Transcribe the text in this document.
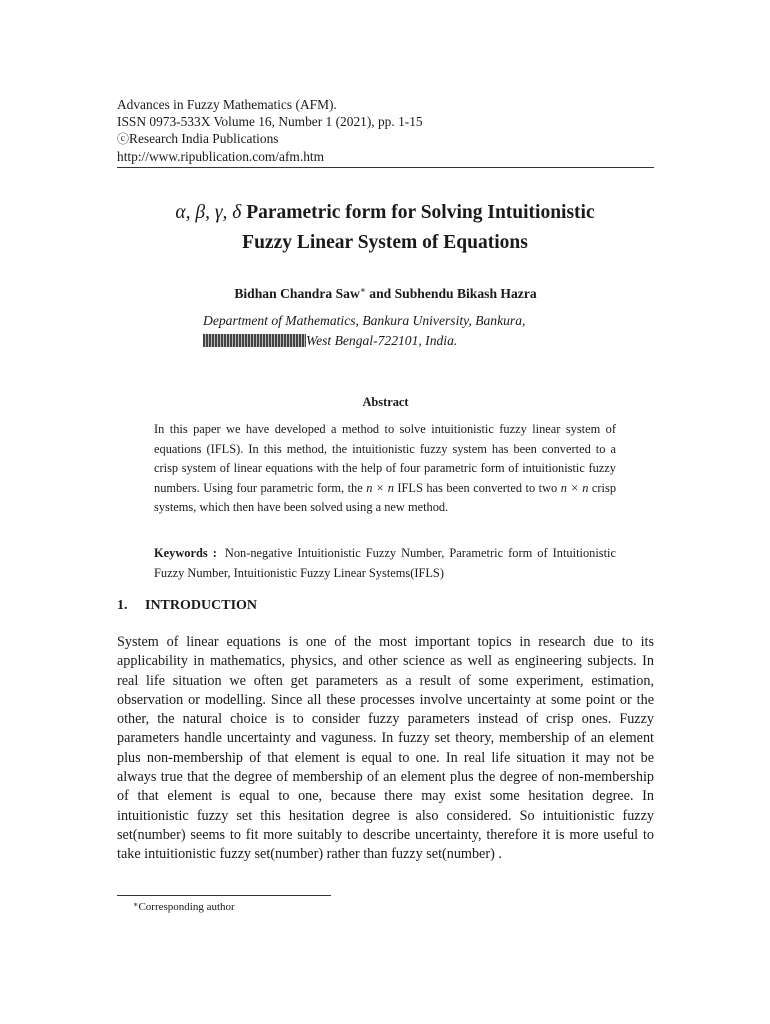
Advances in Fuzzy Mathematics (AFM).
ISSN 0973-533X Volume 16, Number 1 (2021), pp. 1-15
ⓒResearch India Publications
http://www.ripublication.com/afm.htm
α, β, γ, δ Parametric form for Solving Intuitionistic
Fuzzy Linear System of Equations
Bidhan Chandra Saw∗ and Subhendu Bikash Hazra
Department of Mathematics, Bankura University, Bankura,
West Bengal-722101, India.
Abstract
In this paper we have developed a method to solve intuitionistic fuzzy linear system of equations (IFLS). In this method, the intuitionistic fuzzy system has been converted to a crisp system of linear equations with the help of four parametric form of intuitionistic fuzzy numbers. Using four parametric form, the n × n IFLS has been converted to two n × n crisp systems, which then have been solved using a new method.
Keywords : Non-negative Intuitionistic Fuzzy Number, Parametric form of Intuitionistic Fuzzy Number, Intuitionistic Fuzzy Linear Systems(IFLS)
1. INTRODUCTION
System of linear equations is one of the most important topics in research due to its applicability in mathematics, physics, and other science as well as engineering subjects. In real life situation we often get parameters as a result of some experiment, estimation, observation or modelling. Since all these processes involve uncertainty at some point or the other, the natural choice is to consider fuzzy parameters instead of crisp ones. Fuzzy parameters handle uncertainty and vaguness. In fuzzy set theory, membership of an element plus non-membership of that element is equal to one. In real life situation it may not be always true that the degree of membership of an element plus the degree of non-membership of that element is equal to one, because there may exist some hesitation degree. In intuitionistic fuzzy set this hesitation degree is also considered. So intuitionistic fuzzy set(number) seems to fit more suitably to describe uncertainty, therefore it is more useful to take intuitionistic fuzzy set(number) rather than fuzzy set(number) .
∗Corresponding author
